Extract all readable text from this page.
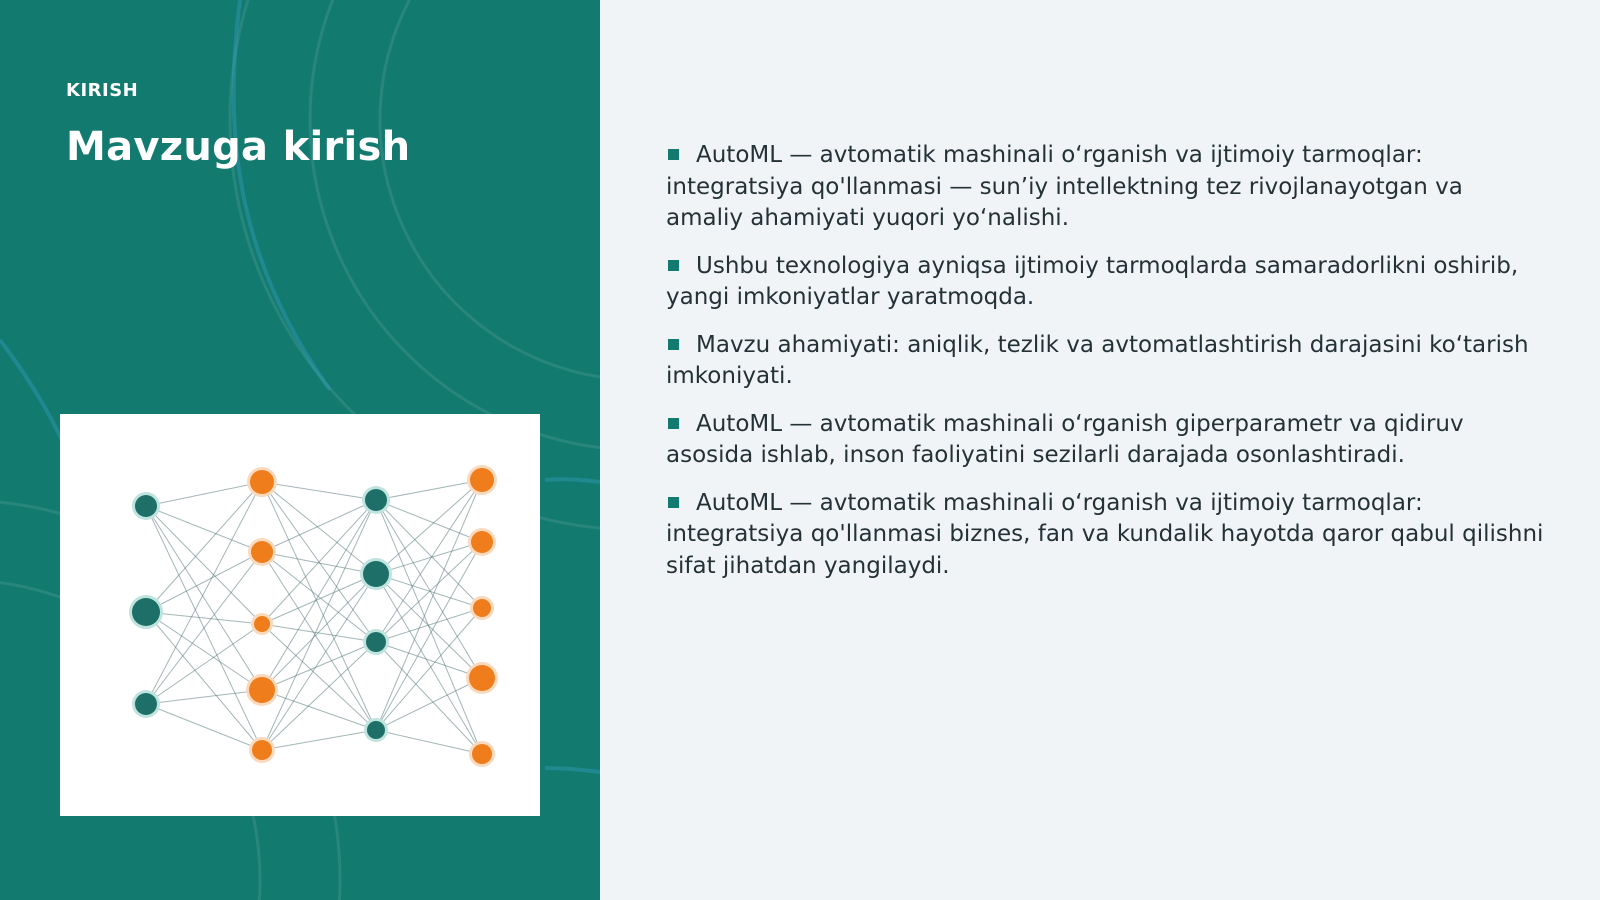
KIRISH

Mavzuga kirish	AutoML — avtomatik mashinali o‘rganish va ijtimoiy tarmoqlar: integratsiya qo'llanmasi — sun’iy intellektning tez rivojlanayotgan va amaliy ahamiyati yuqori yo‘nalishi.
Ushbu texnologiya ayniqsa ijtimoiy tarmoqlarda samaradorlikni oshirib, yangi imkoniyatlar yaratmoqda.
Mavzu ahamiyati: aniqlik, tezlik va avtomatlashtirish darajasini ko‘tarish imkoniyati.
AutoML — avtomatik mashinali o‘rganish giperparametr va qidiruv asosida ishlab, inson faoliyatini sezilarli darajada osonlashtiradi.
AutoML — avtomatik mashinali o‘rganish va ijtimoiy tarmoqlar: integratsiya qo'llanmasi biznes, fan va kundalik hayotda qaror qabul qilishni sifat jihatdan yangilaydi.
